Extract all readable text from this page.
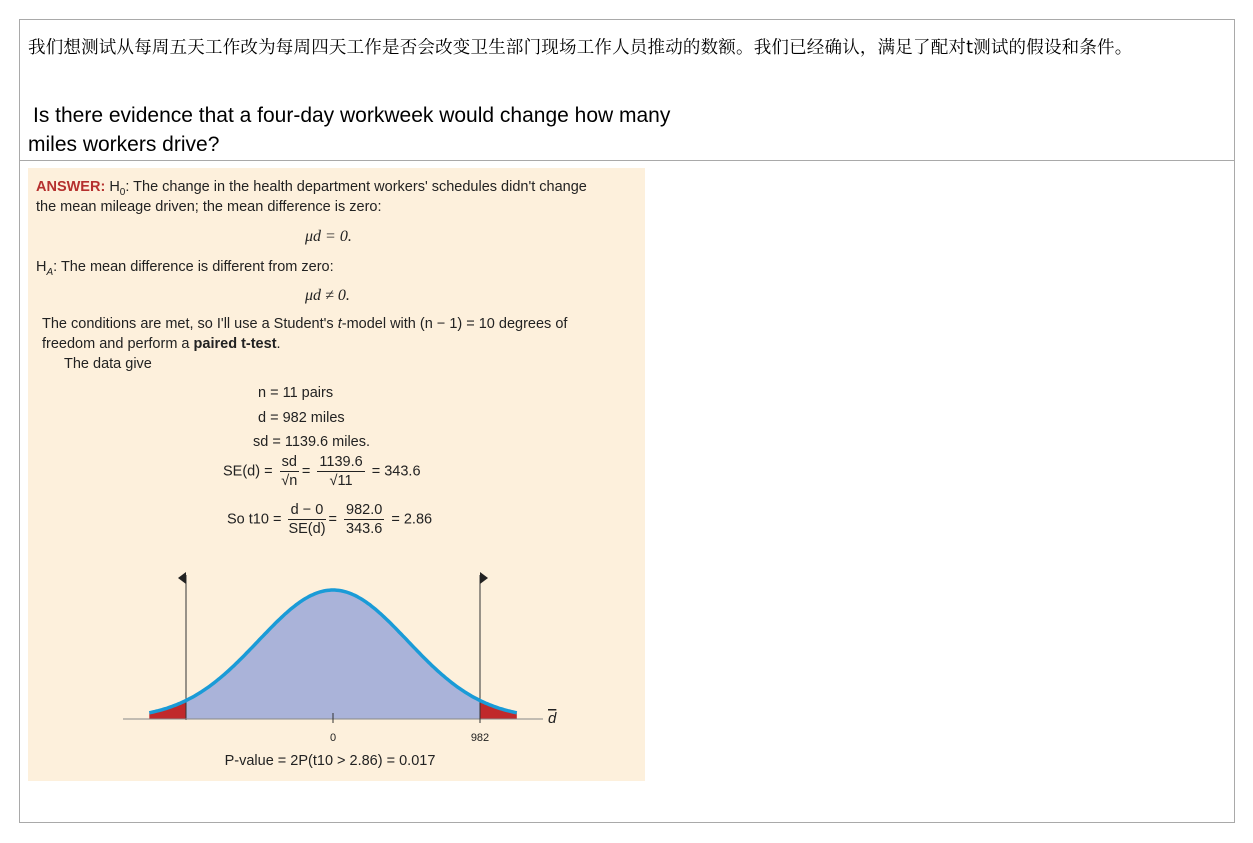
我们想测试从每周五天工作改为每周四天工作是否会改变卫生部门现场工作人员推动的数额。我们已经确认，满足了配对t测试的假设和条件。
Is there evidence that a four-day workweek would change how many
miles workers drive?
ANSWER: $H_0$: The change in the health department workers' schedules didn't change
the mean mileage driven; the mean difference is zero:
μd = 0.
$H_A$: The mean difference is different from zero:
μd ≠ 0.
The conditions are met, so I'll use a Student's t-model with (n − 1) = 10 degrees of
freedom and perform a paired t-test.
The data give
n = 11 pairs
d = 982 miles
sd = 1139.6 miles.
$SE(d) = \frac{sd}{√n} = \frac{1139.6}{√11} = 343.6$
So $t10 = \frac{d - 0}{SE(d)} = \frac{982.0}{343.6} = 2.86$
0	982
d
P-value = 2P(t10 > 2.86) = 0.017
